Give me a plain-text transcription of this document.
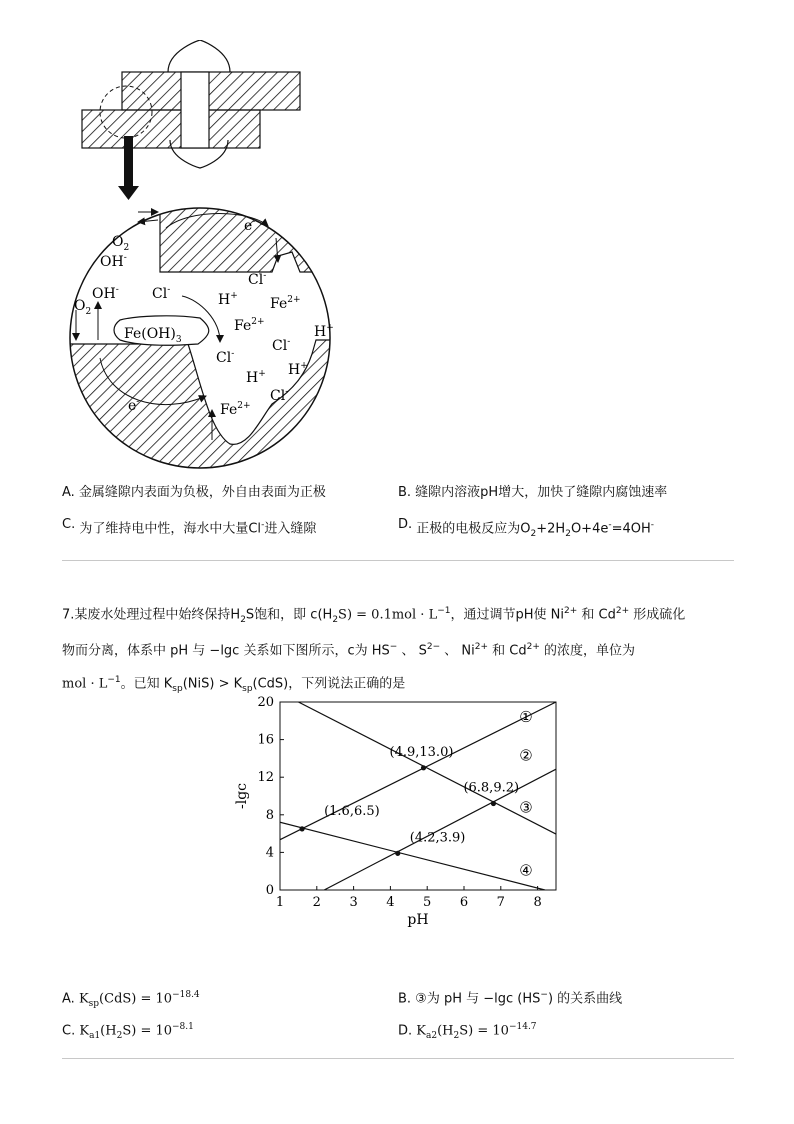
e-
$O_2$
OH-
Cl-
$Fe^{2+}$
H+
Cl-
$O_2$
OH-
$Fe(OH)_3$
$Fe^{2+}$
H+
Cl-
Cl-
H+ H+
Cl-
e-	$Fe^{2+}$
A. 金属缝隙内表面为负极，外自由表面为正极	B. 缝隙内溶液pH增大，加快了缝隙内腐蚀速率
C. 为了维持电中性，海水中大量Cl-进入缝隙	D. 正极的电极反应为$O_2+2H_2O+4e^-=4OH^-$
7.某废水处理过程中始终保持$H_2S$饱和，即 $c(H_2S) = 0.1mol \cdot L^{-1}$，通过调节pH使 $Ni^{2+}$ 和 $Cd^{2+}$ 形成硫化
物而分离，体系中 pH 与 −lgc 关系如下图所示，c为 HS− 、 $S^{2-}$ 、 $Ni^{2+}$ 和 $Cd^{2+}$ 的浓度，单位为
mol · $L^{-1}$。已知 $K_{sp}(NiS) > K_{sp}(CdS)$，下列说法正确的是
1 2 3 4 5 6 7 8
0
4
8
12
16
20
pH
-lgc
①
②
③
④
(4.9,13.0)
(6.8,9.2)
(1.6,6.5)
(4.2,3.9)
A. $K_{sp}(CdS) = 10^{-18.4}$	B. ③为 pH 与 −lgc (HS−) 的关系曲线
C. $K_{a1}(H_2S) = 10^{-8.1}$	D. $K_{a2}(H_2S) = 10^{-14.7}$
